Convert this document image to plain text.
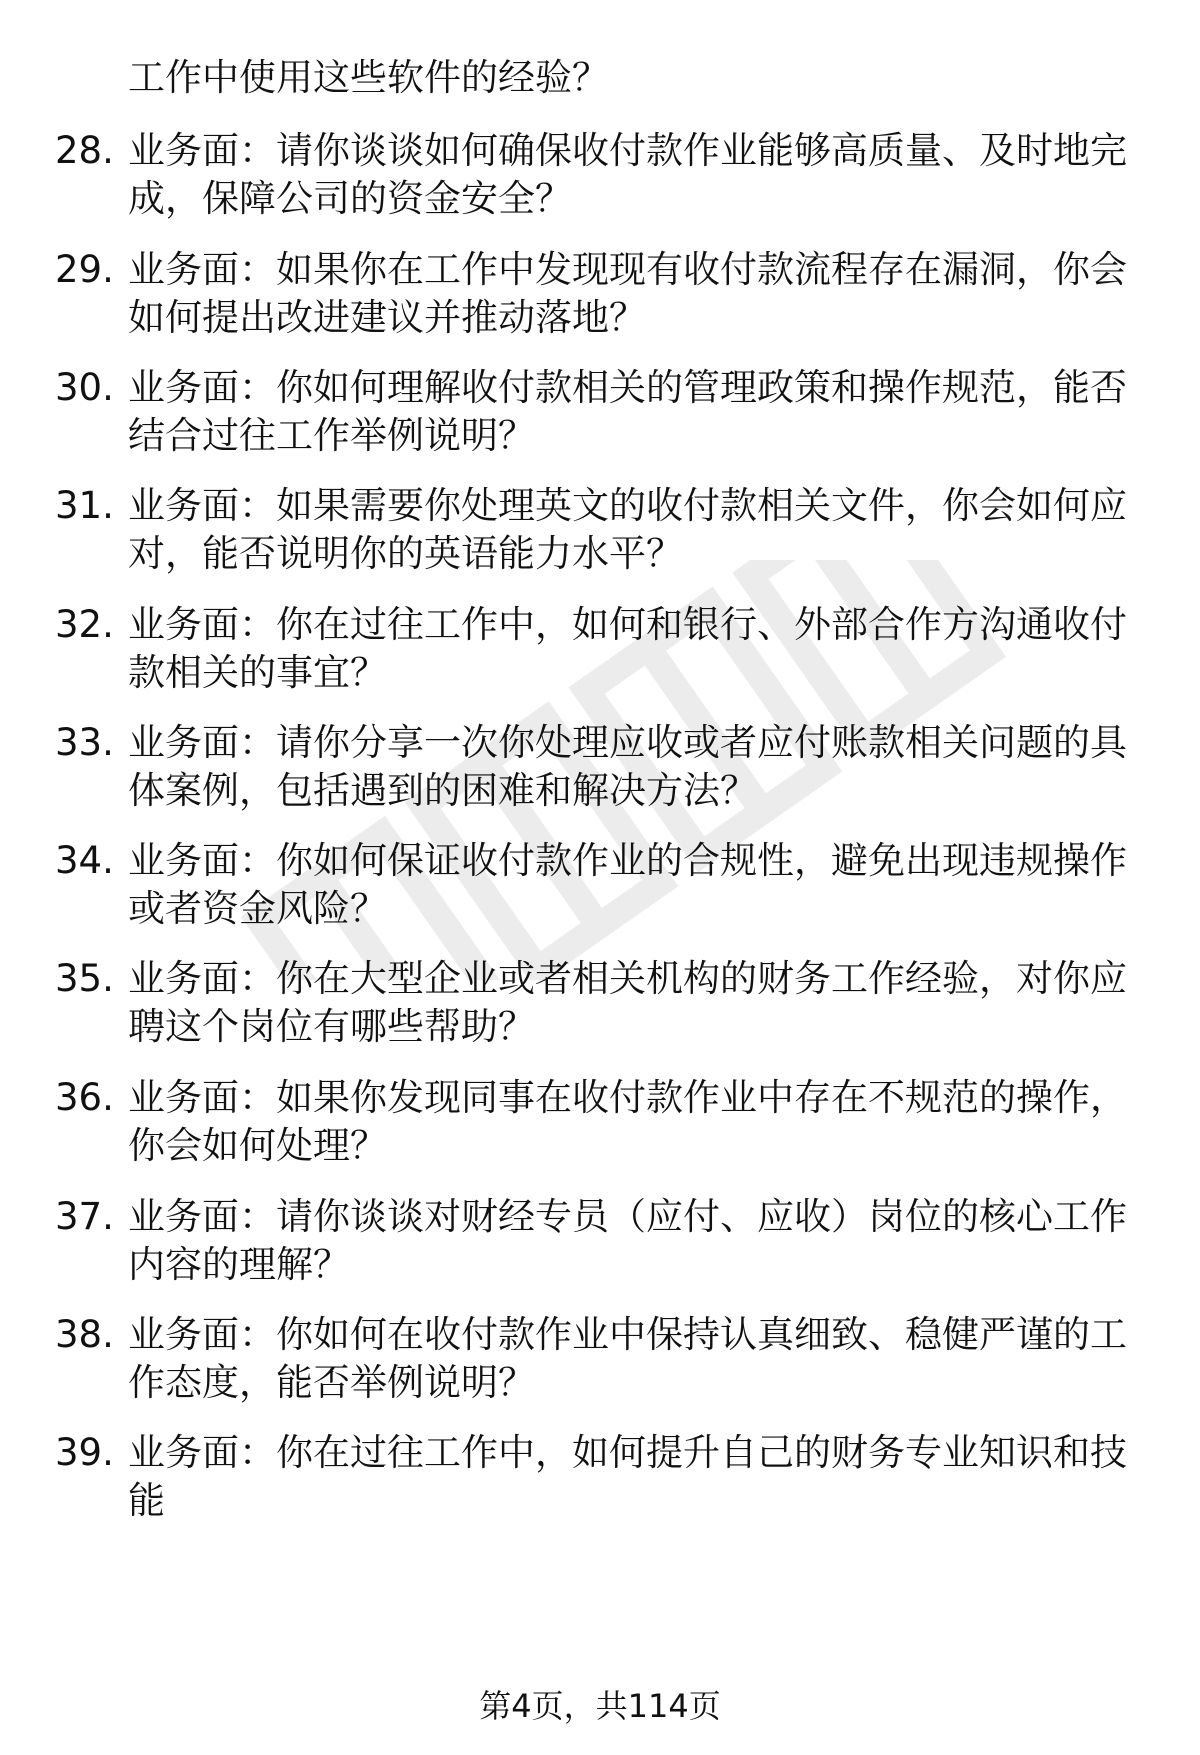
工作中使用这些软件的经验？
28. 业务面：请你谈谈如何确保收付款作业能够高质量、及时地完成，保障公司的资金安全？
29. 业务面：如果你在工作中发现现有收付款流程存在漏洞，你会如何提出改进建议并推动落地？
30. 业务面：你如何理解收付款相关的管理政策和操作规范，能否结合过往工作举例说明？
31. 业务面：如果需要你处理英文的收付款相关文件，你会如何应对，能否说明你的英语能力水平？
32. 业务面：你在过往工作中，如何和银行、外部合作方沟通收付款相关的事宜？
33. 业务面：请你分享一次你处理应收或者应付账款相关问题的具体案例，包括遇到的困难和解决方法？
34. 业务面：你如何保证收付款作业的合规性，避免出现违规操作或者资金风险？
35. 业务面：你在大型企业或者相关机构的财务工作经验，对你应聘这个岗位有哪些帮助？
36. 业务面：如果你发现同事在收付款作业中存在不规范的操作，你会如何处理？
37. 业务面：请你谈谈对财经专员（应付、应收）岗位的核心工作内容的理解？
38. 业务面：你如何在收付款作业中保持认真细致、稳健严谨的工作态度，能否举例说明？
39. 业务面：你在过往工作中，如何提升自己的财务专业知识和技能
第4页，共114页
